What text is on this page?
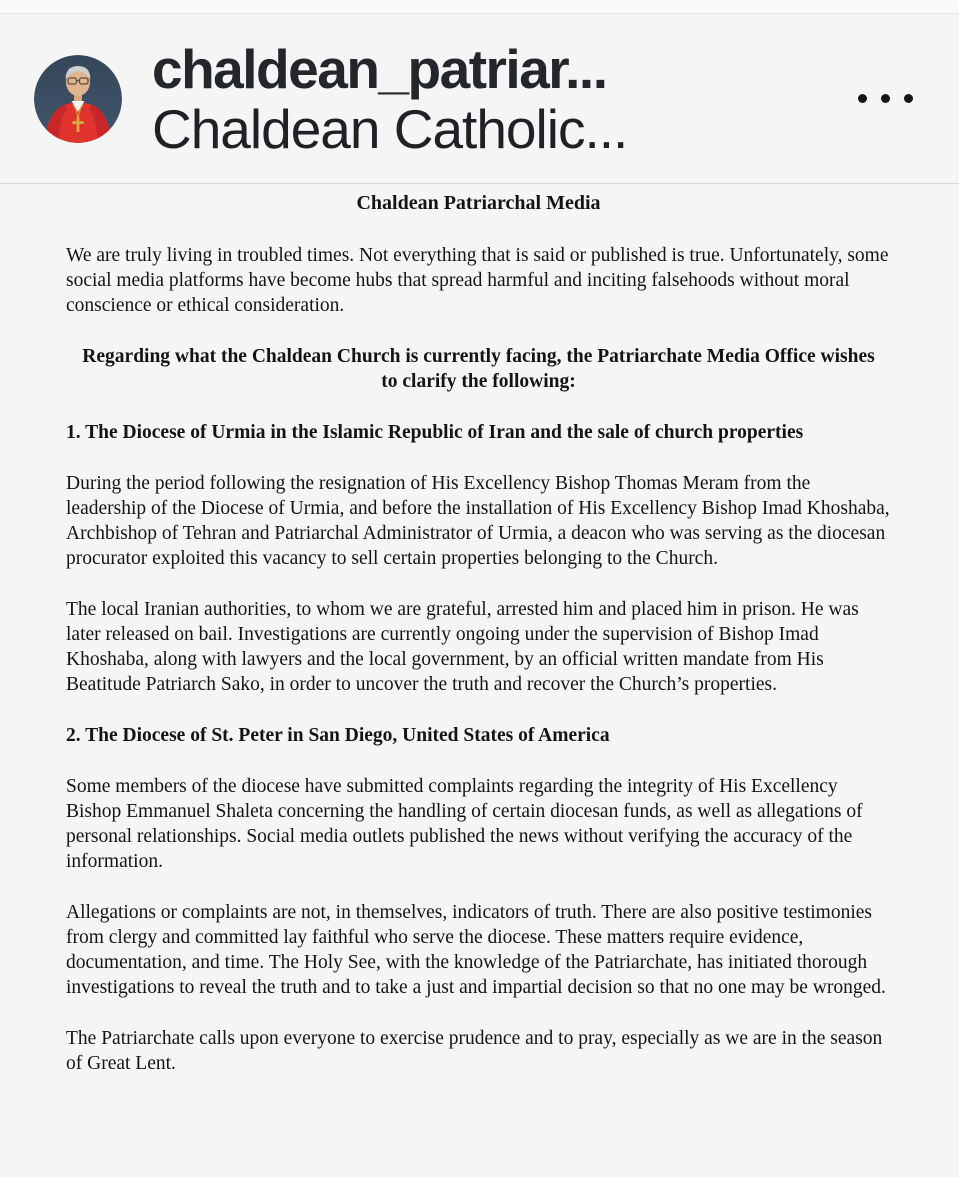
chaldean_patriar...
Chaldean Catholic...
Chaldean Patriarchal Media

We are truly living in troubled times. Not everything that is said or published is true. Unfortunately, some social media platforms have become hubs that spread harmful and inciting falsehoods without moral conscience or ethical consideration.

Regarding what the Chaldean Church is currently facing, the Patriarchate Media Office wishes to clarify the following:

1. The Diocese of Urmia in the Islamic Republic of Iran and the sale of church properties

During the period following the resignation of His Excellency Bishop Thomas Meram from the leadership of the Diocese of Urmia, and before the installation of His Excellency Bishop Imad Khoshaba, Archbishop of Tehran and Patriarchal Administrator of Urmia, a deacon who was serving as the diocesan procurator exploited this vacancy to sell certain properties belonging to the Church.

The local Iranian authorities, to whom we are grateful, arrested him and placed him in prison. He was later released on bail. Investigations are currently ongoing under the supervision of Bishop Imad Khoshaba, along with lawyers and the local government, by an official written mandate from His Beatitude Patriarch Sako, in order to uncover the truth and recover the Church’s properties.

2. The Diocese of St. Peter in San Diego, United States of America

Some members of the diocese have submitted complaints regarding the integrity of His Excellency Bishop Emmanuel Shaleta concerning the handling of certain diocesan funds, as well as allegations of personal relationships. Social media outlets published the news without verifying the accuracy of the information.

Allegations or complaints are not, in themselves, indicators of truth. There are also positive testimonies from clergy and committed lay faithful who serve the diocese. These matters require evidence, documentation, and time. The Holy See, with the knowledge of the Patriarchate, has initiated thorough investigations to reveal the truth and to take a just and impartial decision so that no one may be wronged.

The Patriarchate calls upon everyone to exercise prudence and to pray, especially as we are in the season of Great Lent.
